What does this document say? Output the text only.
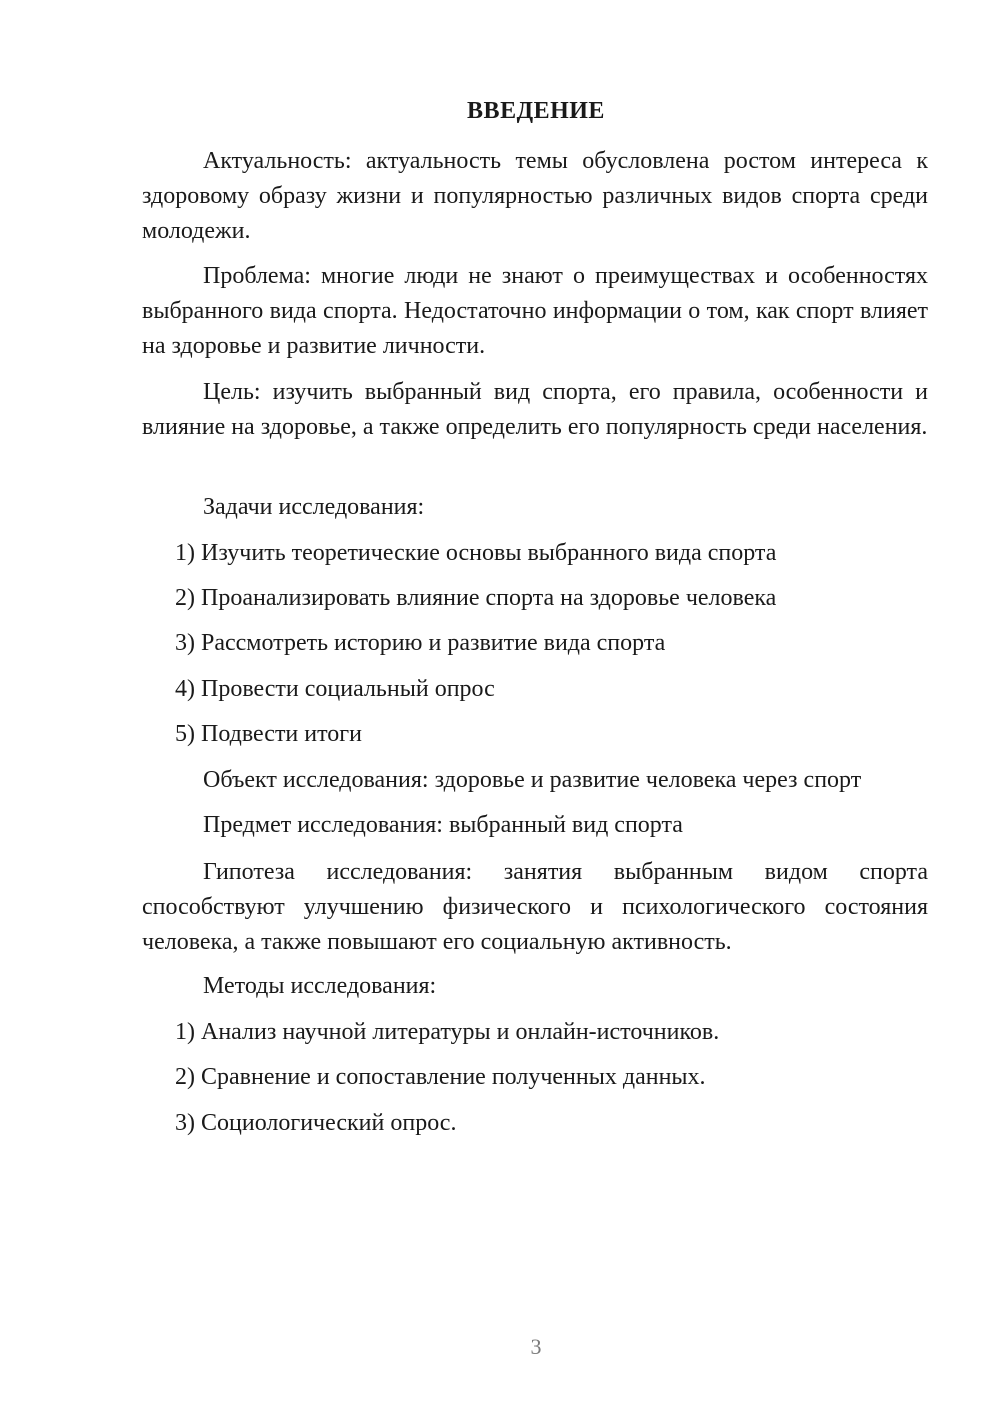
ВВЕДЕНИЕ

Актуальность: актуальность темы обусловлена ростом интереса к здоровому образу жизни и популярностью различных видов спорта среди молодежи.

Проблема: многие люди не знают о преимуществах и особенностях выбранного вида спорта. Недостаточно информации о том, как спорт влияет на здоровье и развитие личности.

Цель: изучить выбранный вид спорта, его правила, особенности и влияние на здоровье, а также определить его популярность среди населения.

Задачи исследования:

1) Изучить теоретические основы выбранного вида спорта

2) Проанализировать влияние спорта на здоровье человека

3) Рассмотреть историю и развитие вида спорта

4) Провести социальный опрос

5) Подвести итоги

Объект исследования: здоровье и развитие человека через спорт

Предмет исследования: выбранный вид спорта

Гипотеза исследования: занятия выбранным видом спорта способствуют улучшению физического и психологического состояния человека, а также повышают его социальную активность.

Методы исследования:

1) Анализ научной литературы и онлайн-источников.

2) Сравнение и сопоставление полученных данных.

3) Социологический опрос.

3
